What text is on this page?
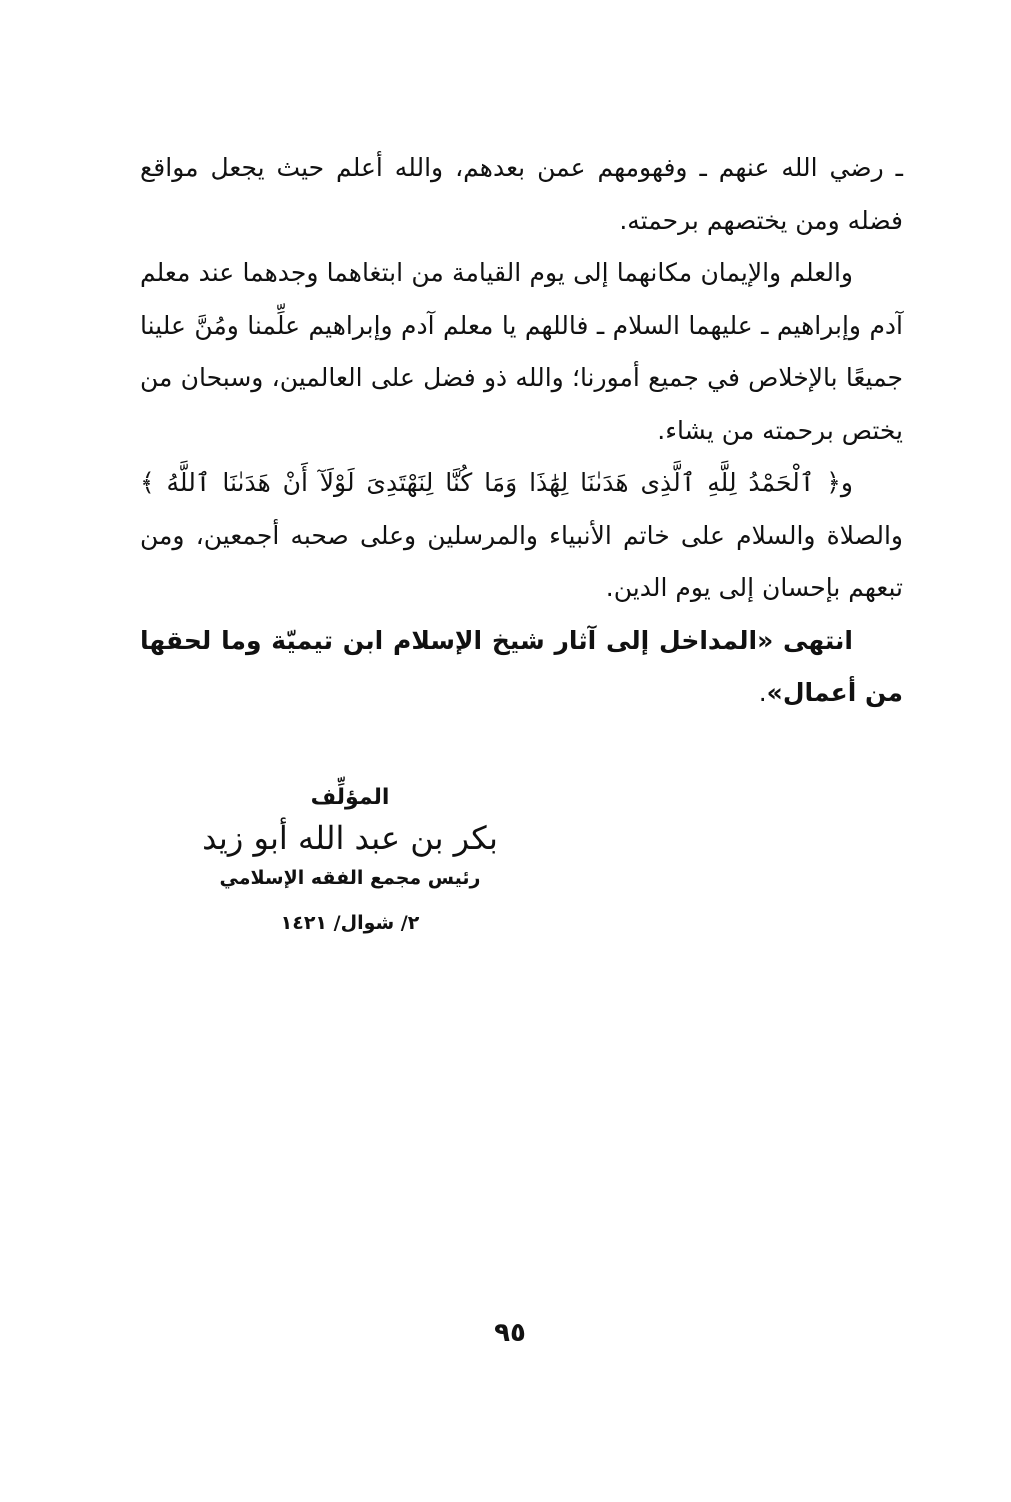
ـ رضي الله عنهم ـ وفهومهم عمن بعدهم، والله أعلم حيث يجعل مواقع فضله ومن يختصهم برحمته.

والعلم والإيمان مكانهما إلى يوم القيامة من ابتغاهما وجدهما عند معلم آدم وإبراهيم ـ عليهما السلام ـ فاللهم يا معلم آدم وإبراهيم علِّمنا ومُنَّ علينا جميعًا بالإخلاص في جميع أمورنا؛ والله ذو فضل على العالمين، وسبحان من يختص برحمته من يشاء.

و﴿ ٱلْحَمْدُ لِلَّهِ ٱلَّذِى هَدَىٰنَا لِهَٰذَا وَمَا كُنَّا لِنَهْتَدِىَ لَوْلَآ أَنْ هَدَىٰنَا ٱللَّهُ ﴾ والصلاة والسلام على خاتم الأنبياء والمرسلين وعلى صحبه أجمعين، ومن تبعهم بإحسان إلى يوم الدين.

انتهى «المداخل إلى آثار شيخ الإسلام ابن تيميّة وما لحقها من أعمال».

المؤلِّف
بكر بن عبد الله أبو زيد
رئيس مجمع الفقه الإسلامي
٢/ شوال/ ١٤٢١
٩٥
